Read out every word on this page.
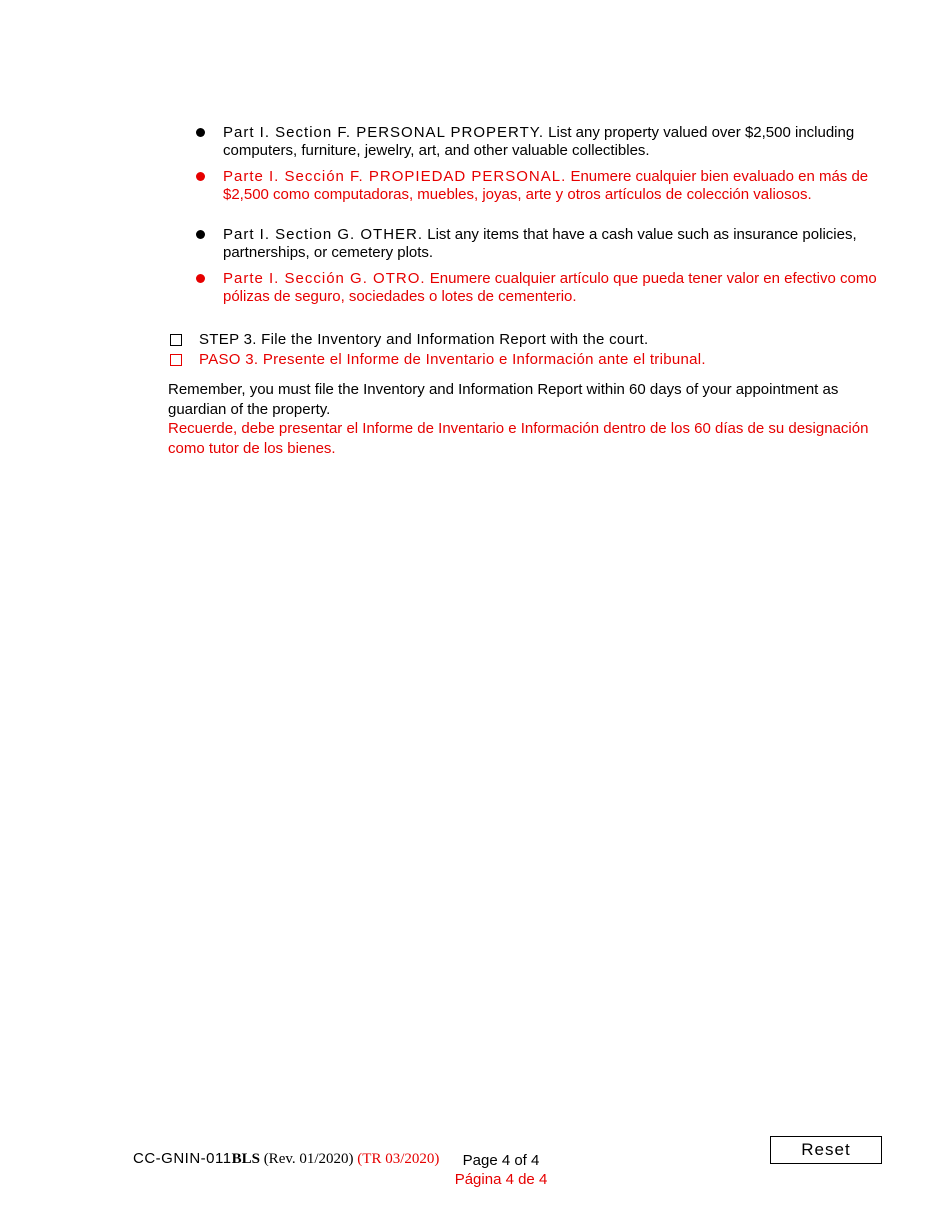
Part I. Section F. PERSONAL PROPERTY. List any property valued over $2,500 including computers, furniture, jewelry, art, and other valuable collectibles.
Parte I. Sección F. PROPIEDAD PERSONAL. Enumere cualquier bien evaluado en más de $2,500 como computadoras, muebles, joyas, arte y otros artículos de colección valiosos.
Part I. Section G. OTHER. List any items that have a cash value such as insurance policies, partnerships, or cemetery plots.
Parte I. Sección G. OTRO. Enumere cualquier artículo que pueda tener valor en efectivo como pólizas de seguro, sociedades o lotes de cementerio.
STEP 3. File the Inventory and Information Report with the court.
PASO 3. Presente el Informe de Inventario e Información ante el tribunal.
Remember, you must file the Inventory and Information Report within 60 days of your appointment as guardian of the property.
Recuerde, debe presentar el Informe de Inventario e Información dentro de los 60 días de su designación como tutor de los bienes.
CC-GNIN-011BLS (Rev. 01/2020) (TR 03/2020)	Page 4 of 4
Página 4 de 4
Reset
